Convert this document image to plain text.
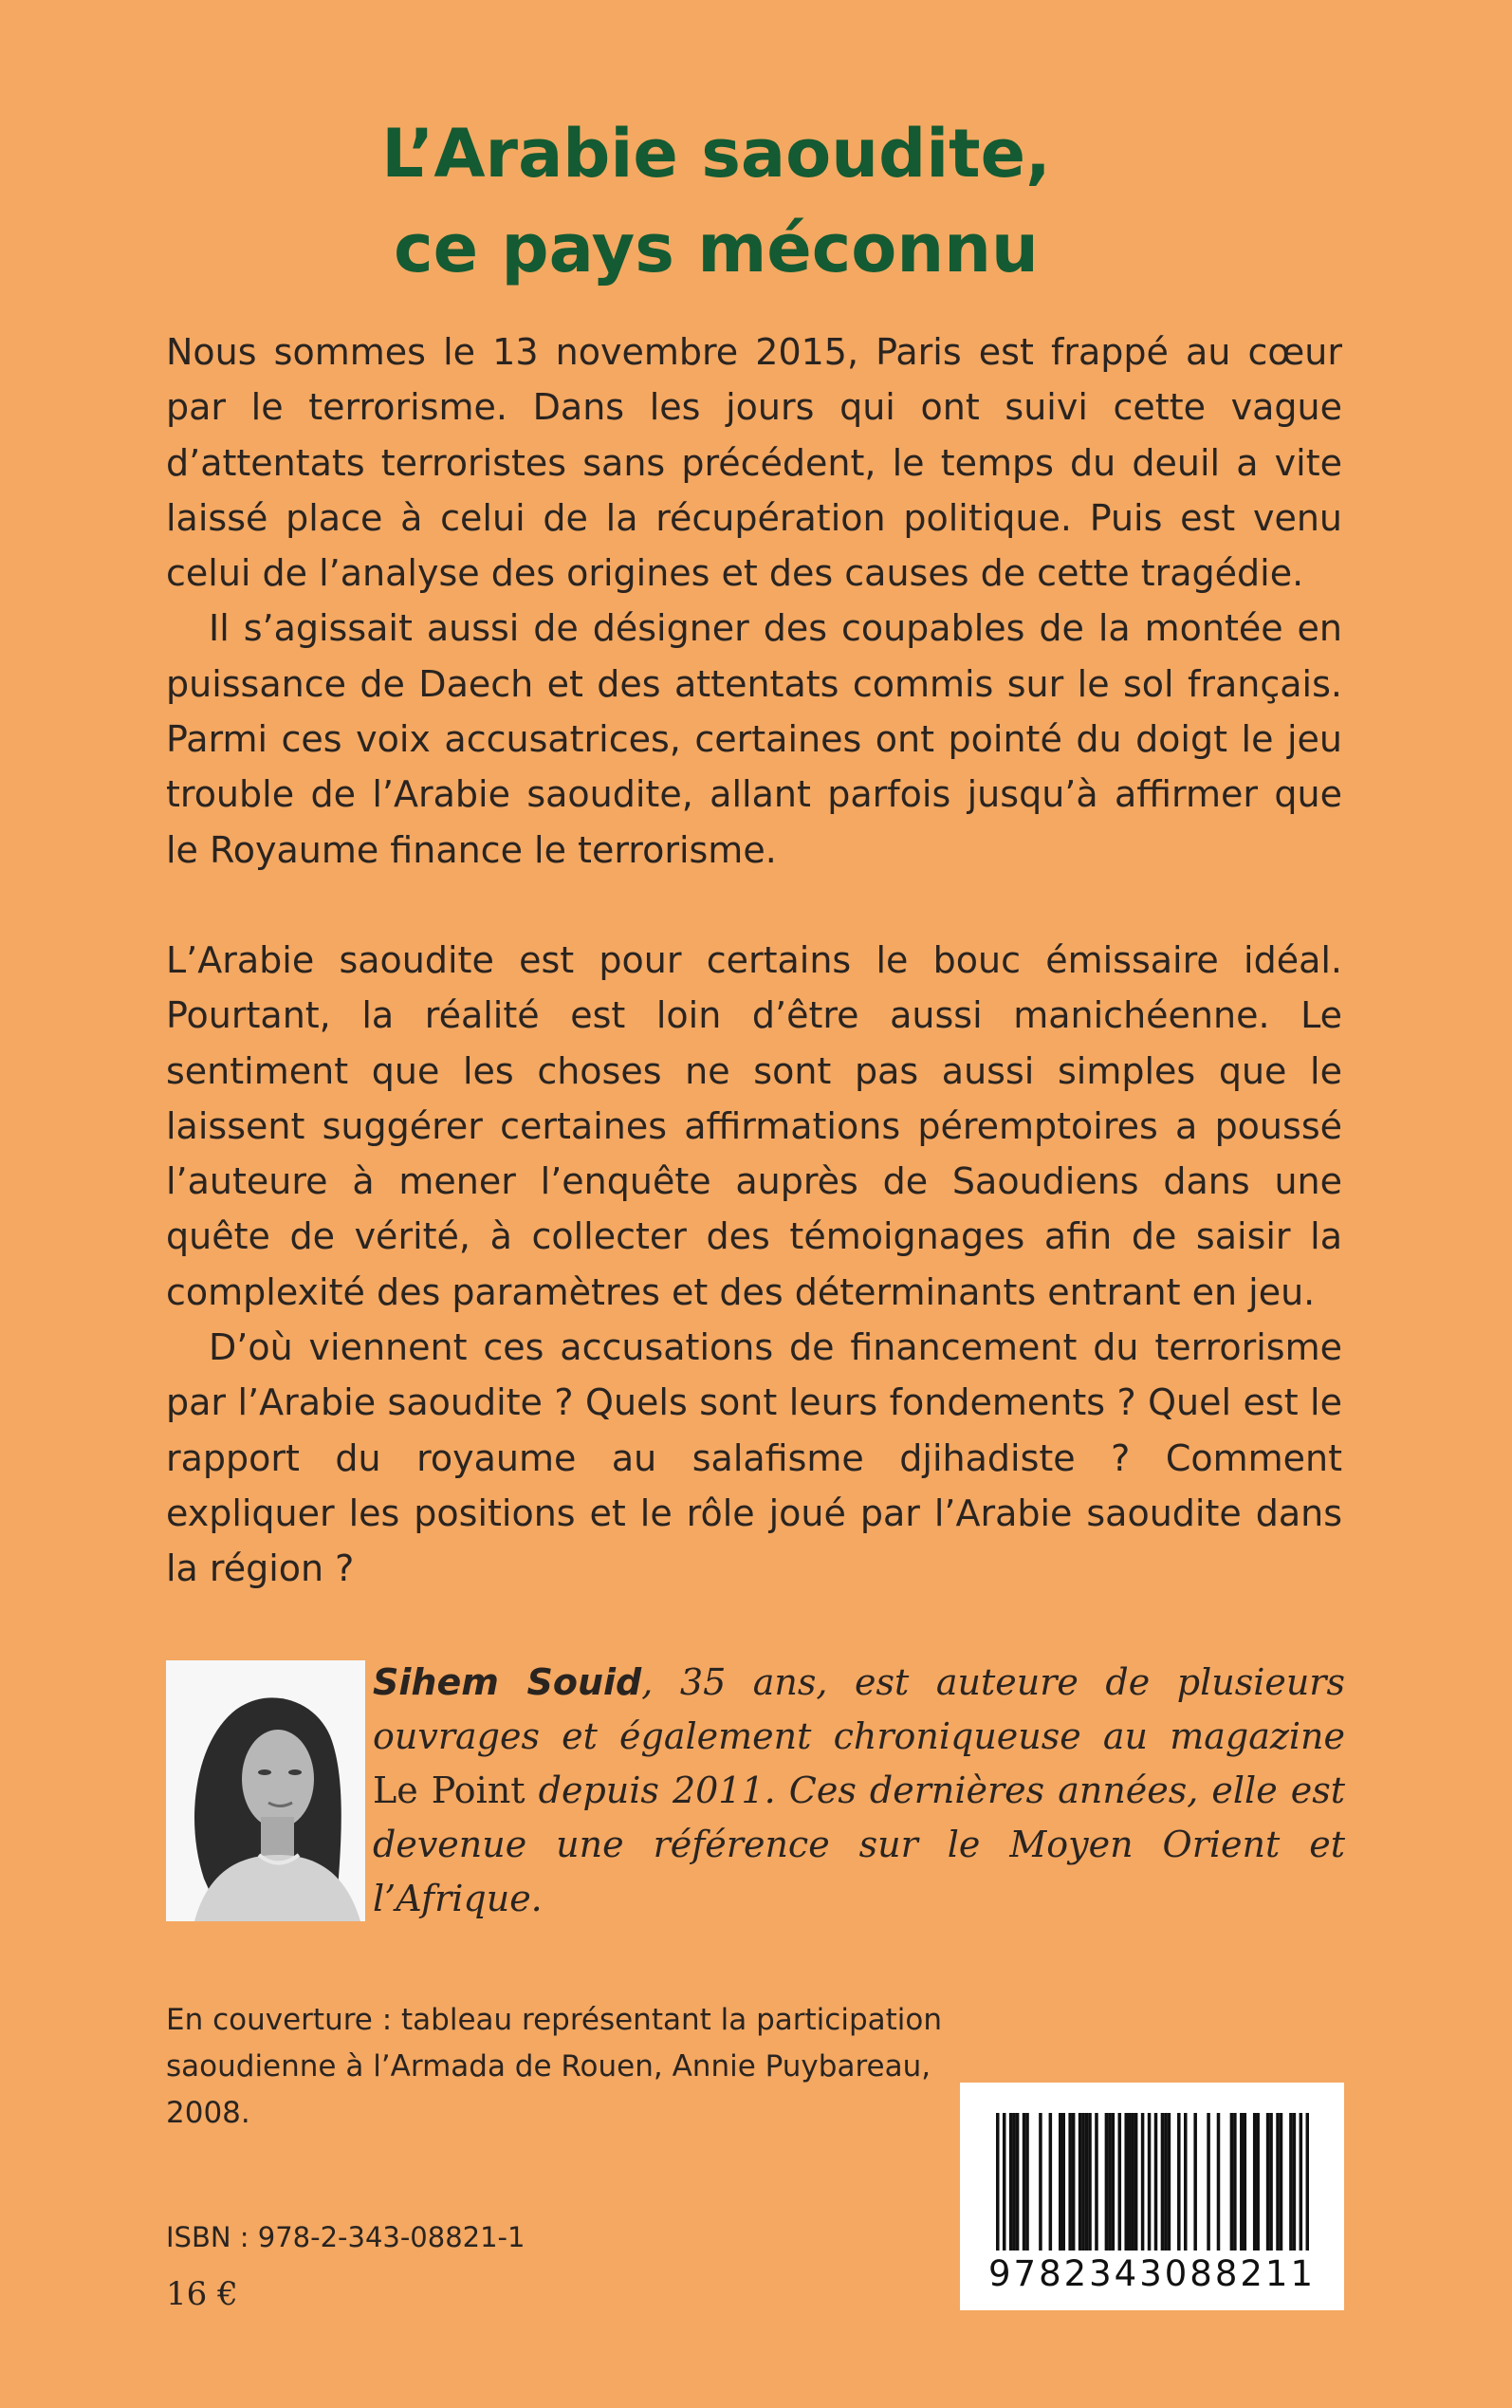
L’Arabie saoudite,
ce pays méconnu

Nous sommes le 13 novembre 2015, Paris est frappé au cœur par le terrorisme. Dans les jours qui ont suivi cette vague d’attentats terroristes sans précédent, le temps du deuil a vite laissé place à celui de la récupération politique. Puis est venu celui de l’analyse des origines et des causes de cette tragédie.

Il s’agissait aussi de désigner des coupables de la montée en puissance de Daech et des attentats commis sur le sol français. Parmi ces voix accusatrices, certaines ont pointé du doigt le jeu trouble de l’Arabie saoudite, allant parfois jusqu’à affirmer que le Royaume finance le terrorisme.

L’Arabie saoudite est pour certains le bouc émissaire idéal. Pourtant, la réalité est loin d’être aussi manichéenne. Le sentiment que les choses ne sont pas aussi simples que le laissent suggérer certaines affirmations péremptoires a poussé l’auteure à mener l’enquête auprès de Saoudiens dans une quête de vérité, à collecter des témoignages afin de saisir la complexité des paramètres et des déterminants entrant en jeu.

D’où viennent ces accusations de financement du terrorisme par l’Arabie saoudite ? Quels sont leurs fondements ? Quel est le rapport du royaume au salafisme djihadiste ? Comment expliquer les positions et le rôle joué par l’Arabie saoudite dans la région ?

Sihem Souid, 35 ans, est auteure de plusieurs ouvrages et également chroniqueuse au magazine Le Point depuis 2011. Ces dernières années, elle est devenue une référence sur le Moyen Orient et l’Afrique.
En couverture : tableau représentant la participation saoudienne à l’Armada de Rouen, Annie Puybareau, 2008.
ISBN : 978-2-343-08821-1
16 €	9782343088211
